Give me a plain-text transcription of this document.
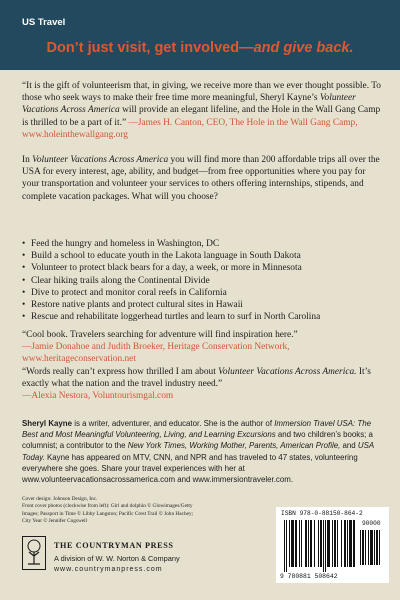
US Travel
Don’t just visit, get involved—and give back.

“It is the gift of volunteerism that, in giving, we receive more than we ever thought possible. To those who seek ways to make their free time more meaningful, Sheryl Kayne’s Volunteer Vacations Across America will provide an elegant lifeline, and the Hole in the Wall Gang Camp is thrilled to be a part of it.” —James H. Canton, CEO, The Hole in the Wall Gang Camp, www.holeinthewallgang.org

In Volunteer Vacations Across America you will find more than 200 affordable trips all over the USA for every interest, age, ability, and budget—from free opportunities where you pay for your transportation and volunteer your services to others offering internships, stipends, and complete vacation packages. What will you choose?

• Feed the hungry and homeless in Washington, DC
• Build a school to educate youth in the Lakota language in South Dakota
• Volunteer to protect black bears for a day, a week, or more in Minnesota
• Clear hiking trails along the Continental Divide
• Dive to protect and monitor coral reefs in California
• Restore native plants and protect cultural sites in Hawaii
• Rescue and rehabilitate loggerhead turtles and learn to surf in North Carolina

“Cool book. Travelers searching for adventure will find inspiration here.”
—Jamie Donahoe and Judith Broeker, Heritage Conservation Network, www.heritageconservation.net

“Words really can’t express how thrilled I am about Volunteer Vacations Across America. It’s exactly what the nation and the travel industry need.”
—Alexia Nestora, Voluntourismgal.com

Sheryl Kayne is a writer, adventurer, and educator. She is the author of Immersion Travel USA: The Best and Most Meaningful Volunteering, Living, and Learning Excursions and two children’s books; a columnist; a contributor to the New York Times, Working Mother, Parents, American Profile, and USA Today. Kayne has appeared on MTV, CNN, and NPR and has traveled to 47 states, volunteering everywhere she goes. Share your travel experiences with her at www.volunteervacationsacrossamerica.com and www.immersiontraveler.com.

Cover design: Johnson Design, Inc.
Front cover photos (clockwise from left): Girl and dolphin © Glowimages/Getty Images; Passport in Time © Libby Langston; Pacific Crest Trail © John Hachey; City Year © Jennifer Cogswell
THE COUNTRYMAN PRESS
A division of W. W. Norton & Company
www.countrymanpress.com
ISBN 978-0-88150-864-2
90000
9 780881 508642
